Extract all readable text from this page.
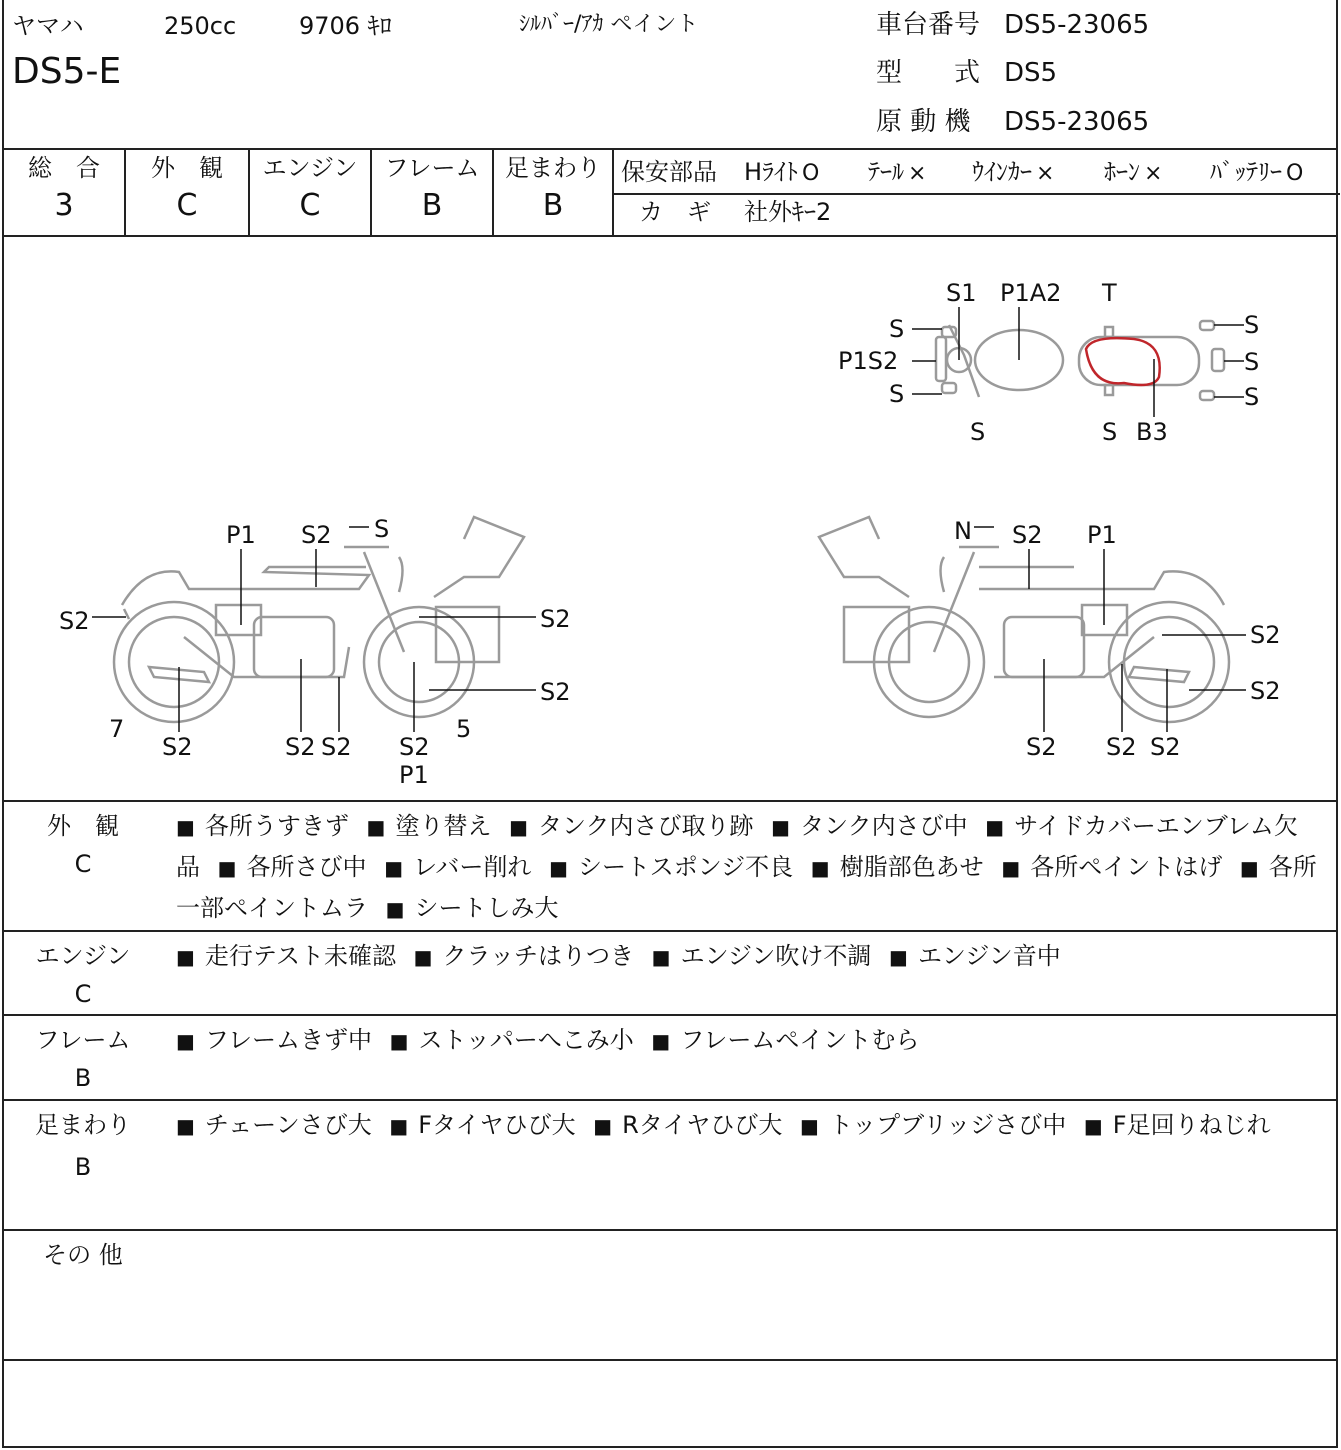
ヤマハ	250cc	9706 ｷﾛ	ｼﾙﾊﾞｰ/ｱｶ ペイント
DS5-E
車台番号 DS5-23065
型　　式 DS5
原 動 機 DS5-23065
総　合
3
外　観
C
エンジン
C
フレーム
B
足まわり
B
保安部品 Hﾗｲﾄ O ﾃｰﾙ × ｳｲﾝｶｰ × ﾎｰﾝ × ﾊﾞｯﾃﾘｰ O
カ　ギ 社外ｷｰ2
S1 P1A2 T
S
P1S2
S
S
S
S
S
S B3
P1 S2 S
S2	S2
S2
7
S2	S2 S2 S2
5
P1
N S2 P1
S2
S2
S2 S2 S2
外　観
C
■ 各所うすきず ■ 塗り替え ■ タンク内さび取り跡 ■ タンク内さび中 ■ サイドカバーエンブレム欠品 ■ 各所さび中 ■ レバー削れ ■ シートスポンジ不良 ■ 樹脂部色あせ ■ 各所ペイントはげ ■ 各所一部ペイントムラ ■ シートしみ大
エンジン
C
■ 走行テスト未確認 ■ クラッチはりつき ■ エンジン吹け不調 ■ エンジン音中
フレーム
B
■ フレームきず中 ■ ストッパーへこみ小 ■ フレームペイントむら
足まわり
B
■ チェーンさび大 ■ Fタイヤひび大 ■ Rタイヤひび大 ■ トップブリッジさび中 ■ F足回りねじれ
その 他
